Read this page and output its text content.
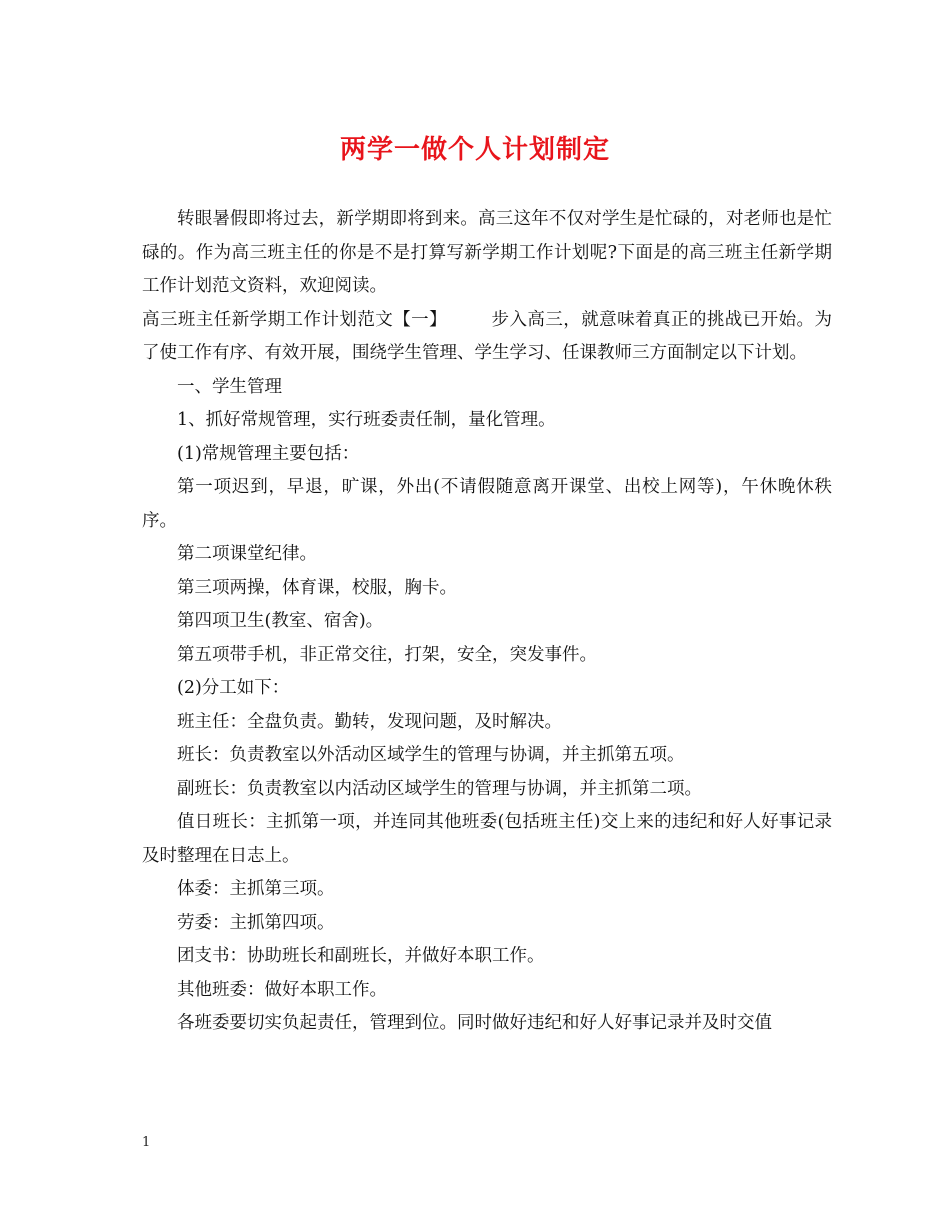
两学一做个人计划制定

转眼暑假即将过去，新学期即将到来。高三这年不仅对学生是忙碌的，对老师也是忙碌的。作为高三班主任的你是不是打算写新学期工作计划呢?下面是的高三班主任新学期工作计划范文资料，欢迎阅读。

高三班主任新学期工作计划范文【一】	步入高三，就意味着真正的挑战已开始。为了使工作有序、有效开展，围绕学生管理、学生学习、任课教师三方面制定以下计划。

一、学生管理

1、抓好常规管理，实行班委责任制，量化管理。

(1)常规管理主要包括：

第一项迟到，早退，旷课，外出(不请假随意离开课堂、出校上网等)，午休晚休秩序。

第二项课堂纪律。

第三项两操，体育课，校服，胸卡。

第四项卫生(教室、宿舍)。

第五项带手机，非正常交往，打架，安全，突发事件。

(2)分工如下：

班主任：全盘负责。勤转，发现问题，及时解决。

班长：负责教室以外活动区域学生的管理与协调，并主抓第五项。

副班长：负责教室以内活动区域学生的管理与协调，并主抓第二项。

值日班长：主抓第一项，并连同其他班委(包括班主任)交上来的违纪和好人好事记录及时整理在日志上。

体委：主抓第三项。

劳委：主抓第四项。

团支书：协助班长和副班长，并做好本职工作。

其他班委：做好本职工作。

各班委要切实负起责任，管理到位。同时做好违纪和好人好事记录并及时交值

1
